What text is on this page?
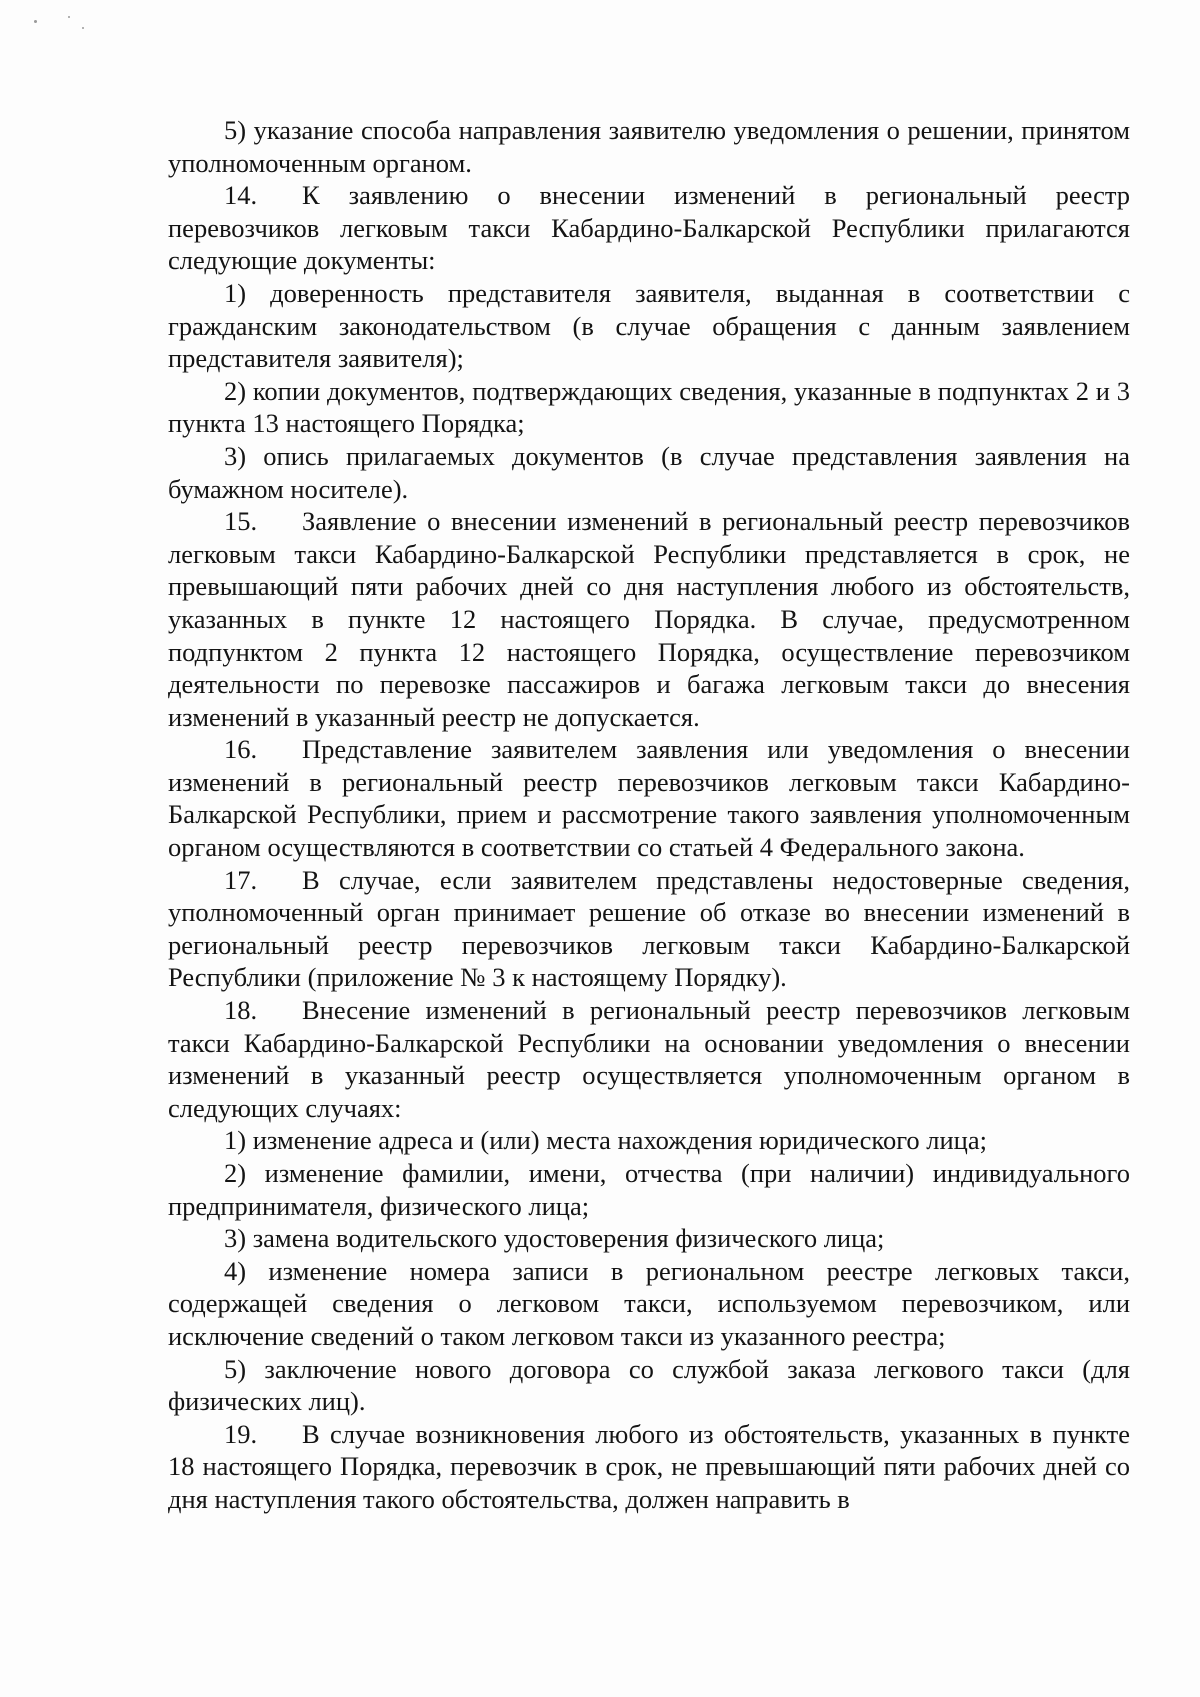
5) указание способа направления заявителю уведомления о решении, принятом уполномоченным органом.

14. К заявлению о внесении изменений в региональный реестр перевозчиков легковым такси Кабардино-Балкарской Республики прилагаются следующие документы:

1) доверенность представителя заявителя, выданная в соответствии с гражданским законодательством (в случае обращения с данным заявлением представителя заявителя);

2) копии документов, подтверждающих сведения, указанные в подпунктах 2 и 3 пункта 13 настоящего Порядка;

3) опись прилагаемых документов (в случае представления заявления на бумажном носителе).

15. Заявление о внесении изменений в региональный реестр перевозчиков легковым такси Кабардино-Балкарской Республики представляется в срок, не превышающий пяти рабочих дней со дня наступления любого из обстоятельств, указанных в пункте 12 настоящего Порядка. В случае, предусмотренном подпунктом 2 пункта 12 настоящего Порядка, осуществление перевозчиком деятельности по перевозке пассажиров и багажа легковым такси до внесения изменений в указанный реестр не допускается.

16. Представление заявителем заявления или уведомления о внесении изменений в региональный реестр перевозчиков легковым такси Кабардино-Балкарской Республики, прием и рассмотрение такого заявления уполномоченным органом осуществляются в соответствии со статьей 4 Федерального закона.

17. В случае, если заявителем представлены недостоверные сведения, уполномоченный орган принимает решение об отказе во внесении изменений в региональный реестр перевозчиков легковым такси Кабардино-Балкарской Республики (приложение № 3 к настоящему Порядку).

18. Внесение изменений в региональный реестр перевозчиков легковым такси Кабардино-Балкарской Республики на основании уведомления о внесении изменений в указанный реестр осуществляется уполномоченным органом в следующих случаях:

1) изменение адреса и (или) места нахождения юридического лица;

2) изменение фамилии, имени, отчества (при наличии) индивидуального предпринимателя, физического лица;

3) замена водительского удостоверения физического лица;

4) изменение номера записи в региональном реестре легковых такси, содержащей сведения о легковом такси, используемом перевозчиком, или исключение сведений о таком легковом такси из указанного реестра;

5) заключение нового договора со службой заказа легкового такси (для физических лиц).

19. В случае возникновения любого из обстоятельств, указанных в пункте 18 настоящего Порядка, перевозчик в срок, не превышающий пяти рабочих дней со дня наступления такого обстоятельства, должен направить в
